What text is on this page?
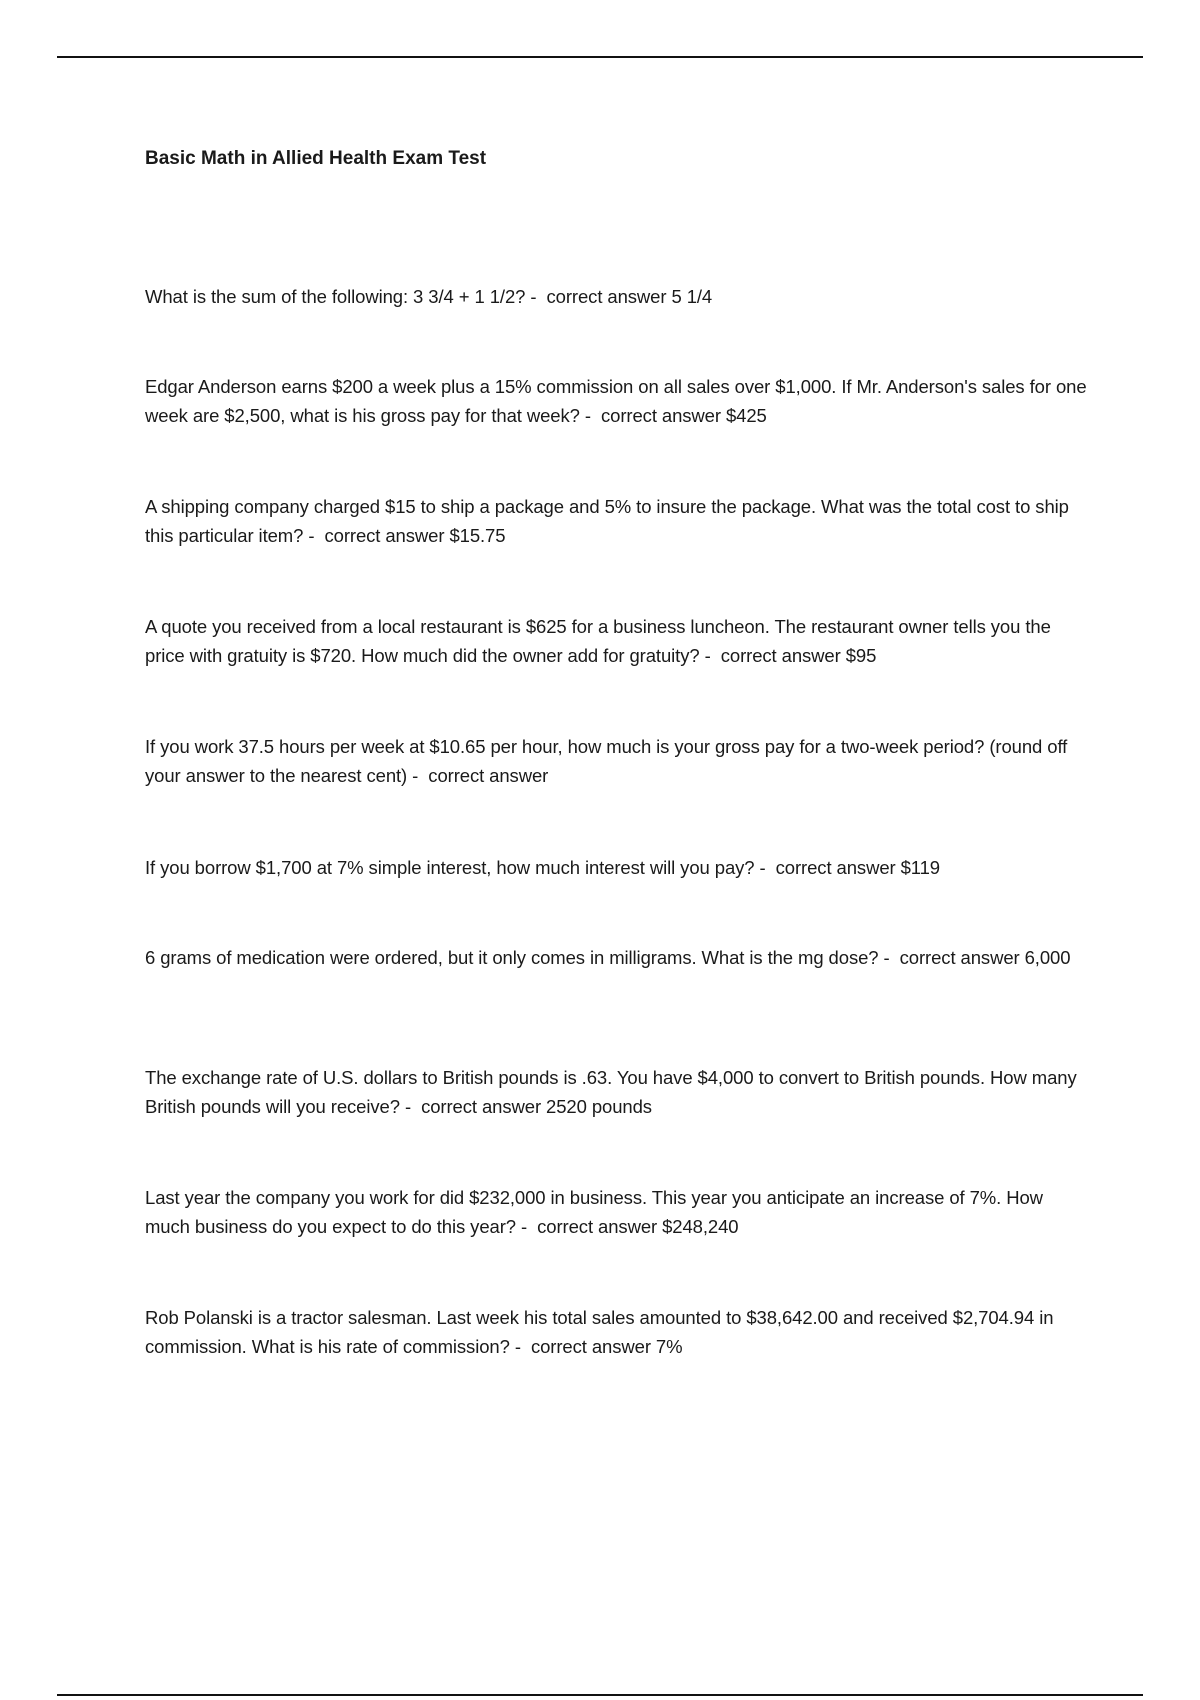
Basic Math in Allied Health Exam Test

What is the sum of the following: 3 3/4 + 1 1/2? -  correct answer 5 1/4

Edgar Anderson earns $200 a week plus a 15% commission on all sales over $1,000. If Mr. Anderson's sales for one week are $2,500, what is his gross pay for that week? -  correct answer $425

A shipping company charged $15 to ship a package and 5% to insure the package. What was the total cost to ship this particular item? -  correct answer $15.75

A quote you received from a local restaurant is $625 for a business luncheon. The restaurant owner tells you the price with gratuity is $720. How much did the owner add for gratuity? -  correct answer $95

If you work 37.5 hours per week at $10.65 per hour, how much is your gross pay for a two-week period? (round off your answer to the nearest cent) -  correct answer

If you borrow $1,700 at 7% simple interest, how much interest will you pay? -  correct answer $119

6 grams of medication were ordered, but it only comes in milligrams. What is the mg dose? -  correct answer 6,000

The exchange rate of U.S. dollars to British pounds is .63. You have $4,000 to convert to British pounds. How many British pounds will you receive? -  correct answer 2520 pounds

Last year the company you work for did $232,000 in business. This year you anticipate an increase of 7%. How much business do you expect to do this year? -  correct answer $248,240

Rob Polanski is a tractor salesman. Last week his total sales amounted to $38,642.00 and received $2,704.94 in commission. What is his rate of commission? -  correct answer 7%
